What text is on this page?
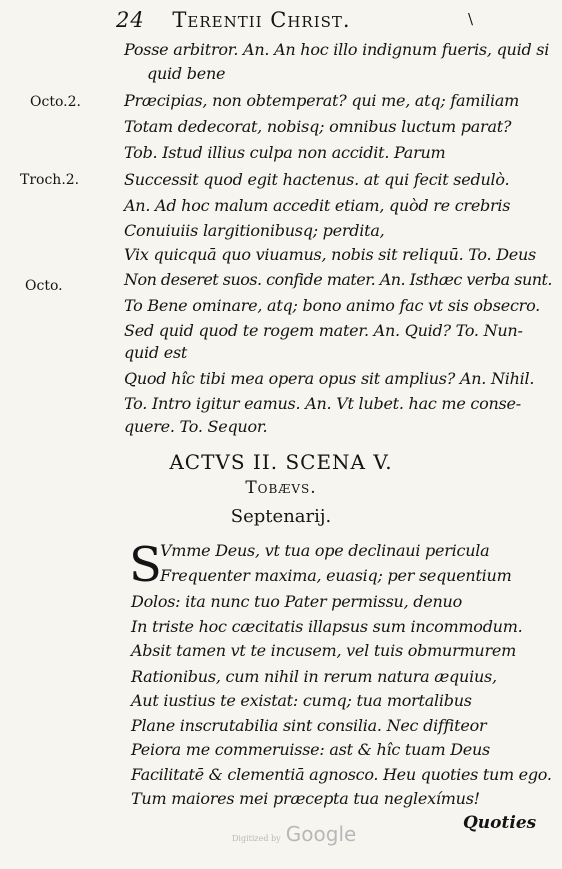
24 Terentii Christ.	\
Posse arbitror. An. An hoc illo indignum fueris, quid si
quid bene
Præcipias, non obtemperat? qui me, atq; familiam
Totam dedecorat, nobisq; omnibus luctum parat?
Tob. Istud illius culpa non accidit. Parum
Successit quod egit hactenus. at qui fecit sedulò.
An. Ad hoc malum accedit etiam, quòd re crebris
Conuiuiis largitionibusq; perdita,
Vix quicquā quo viuamus, nobis sit reliquū. To. Deus
Non deseret suos. confide mater. An. Isthæc verba sunt.
To Bene ominare, atq; bono animo fac vt sis obsecro.
Sed quid quod te rogem mater. An. Quid? To. Nun-
quid est
Quod hîc tibi mea opera opus sit amplius? An. Nihil.
To. Intro igitur eamus. An. Vt lubet. hac me conse-
quere. To. Sequor.
Octo.2.
Troch.2.
Octo.
ACTVS II. SCENA V.
Tobævs.
Septenarij.
S
Vmme Deus, vt tua ope declinaui pericula
Frequenter maxima, euasiq; per sequentium
Dolos: ita nunc tuo Pater permissu, denuo
In triste hoc cæcitatis illapsus sum incommodum.
Absit tamen vt te incusem, vel tuis obmurmurem
Rationibus, cum nihil in rerum natura æquius,
Aut iustius te existat: cumq; tua mortalibus
Plane inscrutabilia sint consilia. Nec diffiteor
Peiora me commeruisse: ast & hîc tuam Deus
Facilitatē & clementiā agnosco. Heu quoties tum ego.
Tum maiores mei præcepta tua neglexímus!
Quoties
Digitized by Google
